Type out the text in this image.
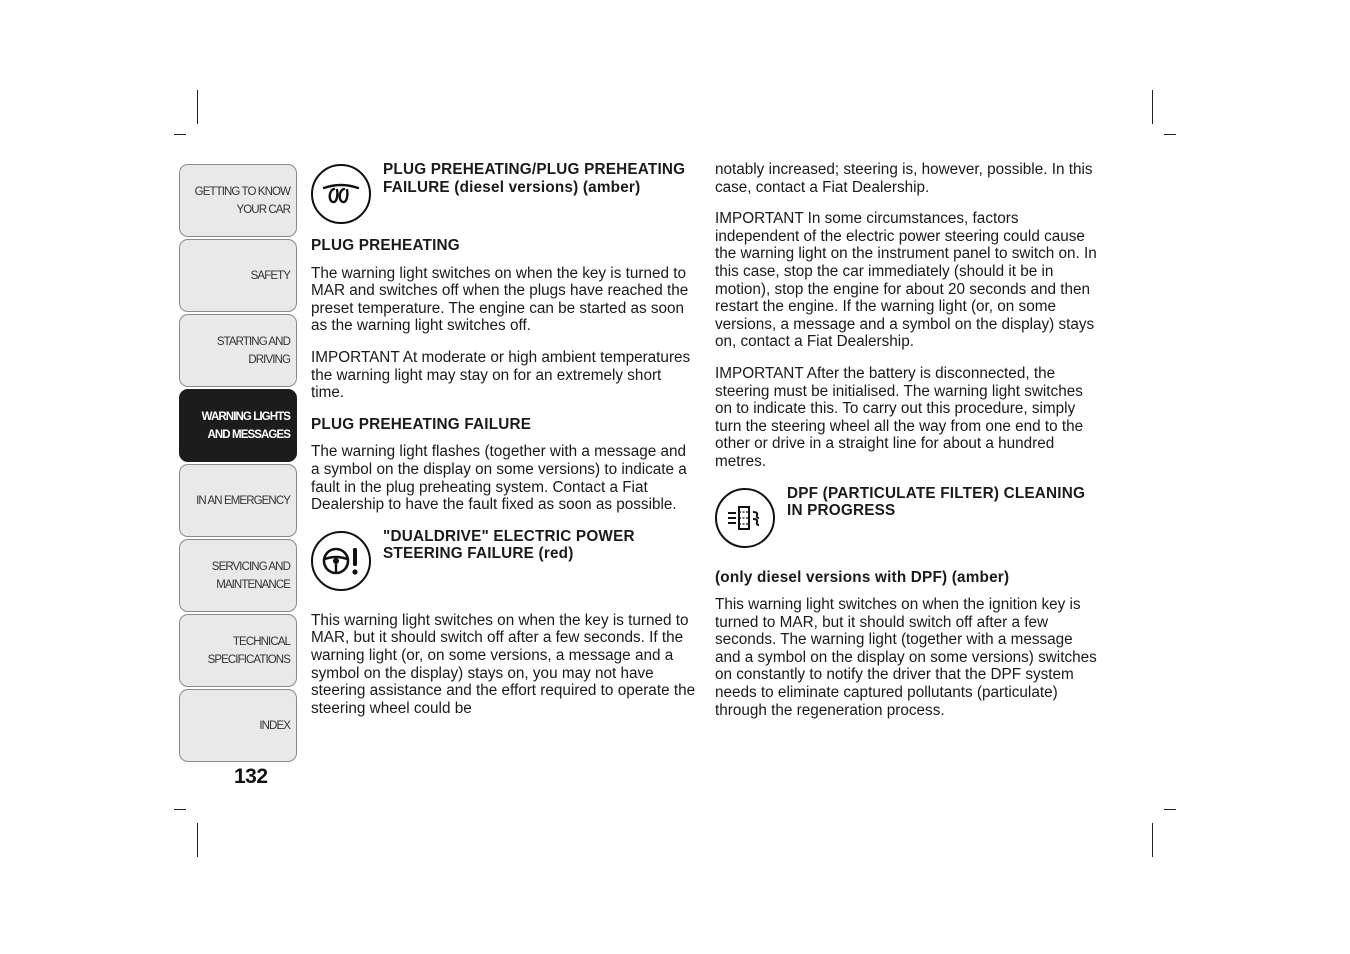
GETTING TO KNOW
YOUR CAR
SAFETY
STARTING AND
DRIVING
WARNING LIGHTS
AND MESSAGES
IN AN EMERGENCY
SERVICING AND
MAINTENANCE
TECHNICAL
SPECIFICATIONS
INDEX
132
PLUG PREHEATING/PLUG PREHEATING FAILURE (diesel versions) (amber)
PLUG PREHEATING

The warning light switches on when the key is turned to MAR and switches off when the plugs have reached the preset temperature. The engine can be started as soon as the warning light switches off.

IMPORTANT At moderate or high ambient temperatures the warning light may stay on for an extremely short time.

PLUG PREHEATING FAILURE

The warning light flashes (together with a message and a symbol on the display on some versions) to indicate a fault in the plug preheating system. Contact a Fiat Dealership to have the fault fixed as soon as possible.

"DUALDRIVE" ELECTRIC POWER STEERING FAILURE (red)

This warning light switches on when the key is turned to MAR, but it should switch off after a few seconds. If the warning light (or, on some versions, a message and a symbol on the display) stays on, you may not have steering assistance and the effort required to operate the steering wheel could be

notably increased; steering is, however, possible. In this case, contact a Fiat Dealership.

IMPORTANT In some circumstances, factors independent of the electric power steering could cause the warning light on the instrument panel to switch on. In this case, stop the car immediately (should it be in motion), stop the engine for about 20 seconds and then restart the engine. If the warning light (or, on some versions, a message and a symbol on the display) stays on, contact a Fiat Dealership.

IMPORTANT After the battery is disconnected, the steering must be initialised. The warning light switches on to indicate this. To carry out this procedure, simply turn the steering wheel all the way from one end to the other or drive in a straight line for about a hundred metres.

DPF (PARTICULATE FILTER) CLEANING IN PROGRESS
(only diesel versions with DPF) (amber)

This warning light switches on when the ignition key is turned to MAR, but it should switch off after a few seconds. The warning light (together with a message and a symbol on the display on some versions) switches on constantly to notify the driver that the DPF system needs to eliminate captured pollutants (particulate) through the regeneration process.
